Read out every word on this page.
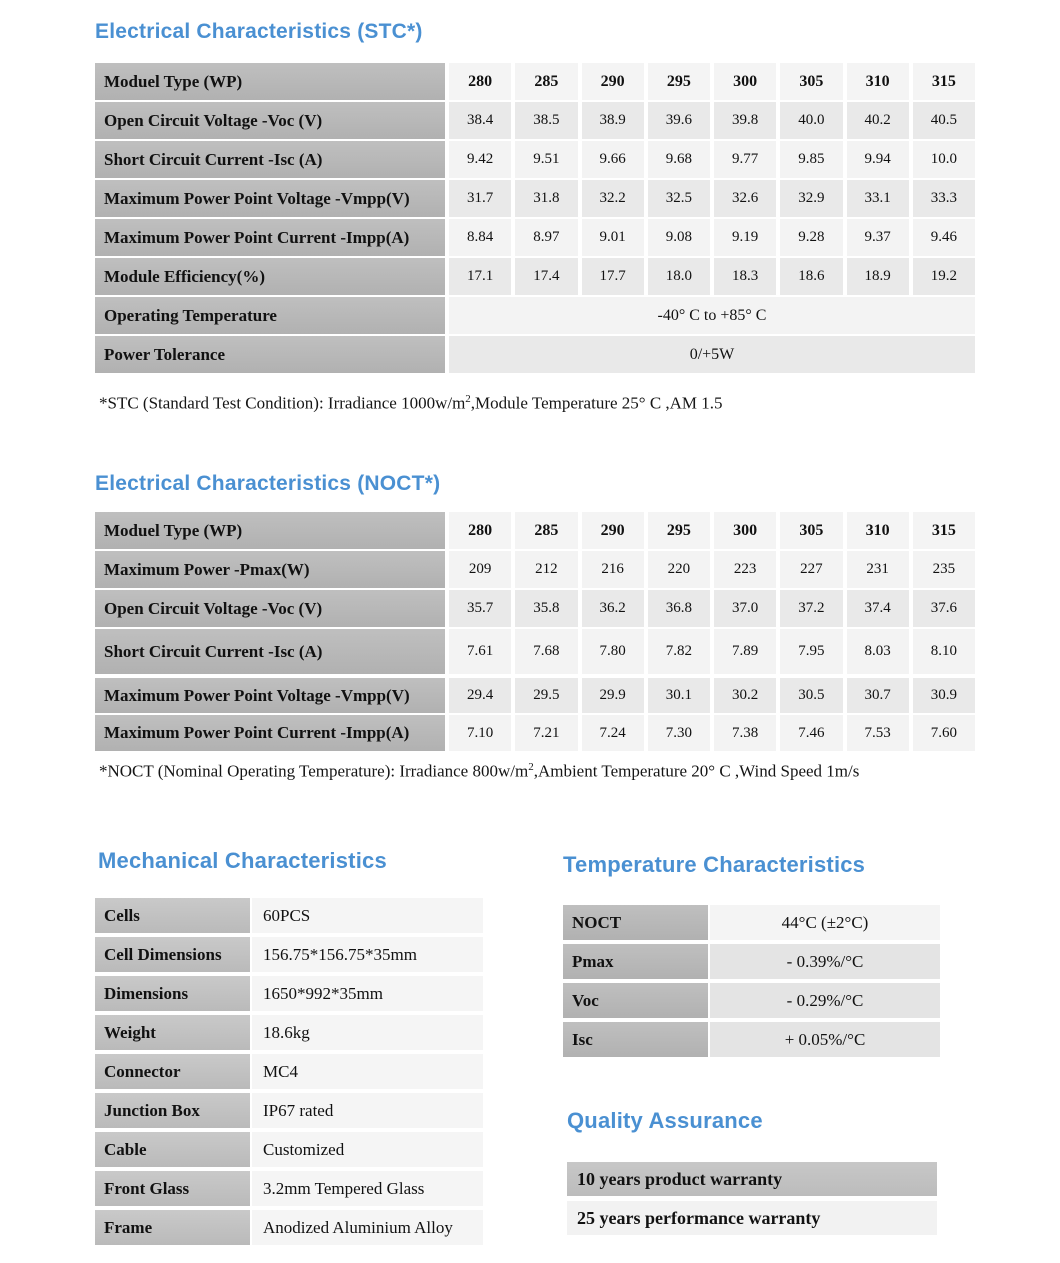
Electrical Characteristics (STC*)
Moduel Type (WP)	280	285	290	295	300	305	310	315
Open Circuit Voltage -Voc (V)	38.4	38.5	38.9	39.6	39.8	40.0	40.2	40.5
Short Circuit Current -Isc (A)	9.42	9.51	9.66	9.68	9.77	9.85	9.94	10.0
Maximum Power Point Voltage -Vmpp(V)	31.7	31.8	32.2	32.5	32.6	32.9	33.1	33.3
Maximum Power Point Current -Impp(A)	8.84	8.97	9.01	9.08	9.19	9.28	9.37	9.46
Module Efficiency(%)	17.1	17.4	17.7	18.0	18.3	18.6	18.9	19.2
Operating Temperature	-40° C to +85° C
Power Tolerance	0/+5W

*STC (Standard Test Condition): Irradiance $1000w/m^2,Module$ Temperature 25° C ,AM 1.5

Electrical Characteristics (NOCT*)
Moduel Type (WP)	280	285	290	295	300	305	310	315
Maximum Power -Pmax(W)	209	212	216	220	223	227	231	235
Open Circuit Voltage -Voc (V)	35.7	35.8	36.2	36.8	37.0	37.2	37.4	37.6
Short Circuit Current -Isc (A)	7.61	7.68	7.80	7.82	7.89	7.95	8.03	8.10
Maximum Power Point Voltage -Vmpp(V)	29.4	29.5	29.9	30.1	30.2	30.5	30.7	30.9
Maximum Power Point Current -Impp(A)	7.10	7.21	7.24	7.30	7.38	7.46	7.53	7.60

*NOCT (Nominal Operating Temperature): Irradiance $800w/m^2,Ambient$ Temperature 20° C ,Wind Speed 1m/s

Mechanical Characteristics
Cells	60PCS
Cell Dimensions	156.75*156.75*35mm
Dimensions	1650*992*35mm
Weight	18.6kg
Connector	MC4
Junction Box	IP67 rated
Cable	Customized
Front Glass	3.2mm Tempered Glass
Frame	Anodized Aluminium Alloy
Temperature Characteristics
NOCT	44°C (±2°C)
Pmax	- 0.39%/°C
Voc	- 0.29%/°C
Isc	+ 0.05%/°C
Quality Assurance
10 years product warranty
25 years performance warranty
